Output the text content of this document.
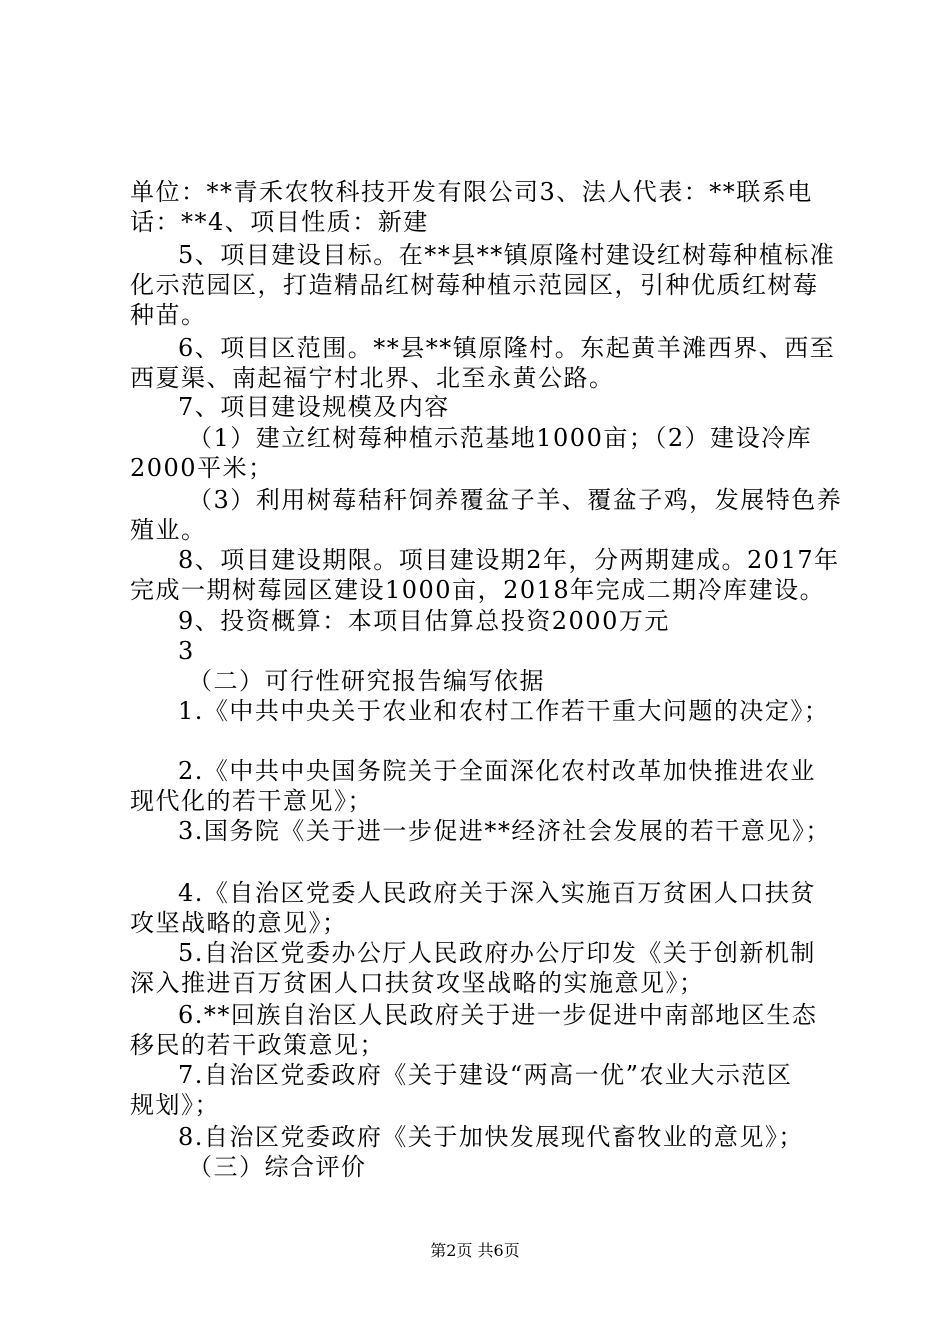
单位：**青禾农牧科技开发有限公司3、法人代表：**联系电
话：**4、项目性质：新建
5、项目建设目标。在**县**镇原隆村建设红树莓种植标准
化示范园区，打造精品红树莓种植示范园区，引种优质红树莓
种苗。
6、项目区范围。**县**镇原隆村。东起黄羊滩西界、西至
西夏渠、南起福宁村北界、北至永黄公路。
7、项目建设规模及内容
（1）建立红树莓种植示范基地1000亩；（2）建设冷库
2000平米；
（3）利用树莓秸秆饲养覆盆子羊、覆盆子鸡，发展特色养
殖业。
8、项目建设期限。项目建设期2年，分两期建成。2017年
完成一期树莓园区建设1000亩，2018年完成二期冷库建设。
9、投资概算：本项目估算总投资2000万元
3
（二）可行性研究报告编写依据
1.《中共中央关于农业和农村工作若干重大问题的决定》；
2.《中共中央国务院关于全面深化农村改革加快推进农业
现代化的若干意见》；
3.国务院《关于进一步促进**经济社会发展的若干意见》；
4.《自治区党委人民政府关于深入实施百万贫困人口扶贫
攻坚战略的意见》；
5.自治区党委办公厅人民政府办公厅印发《关于创新机制
深入推进百万贫困人口扶贫攻坚战略的实施意见》；
6.**回族自治区人民政府关于进一步促进中南部地区生态
移民的若干政策意见；
7.自治区党委政府《关于建设“两高一优”农业大示范区
规划》；
8.自治区党委政府《关于加快发展现代畜牧业的意见》；
（三）综合评价
第2页 共6页
